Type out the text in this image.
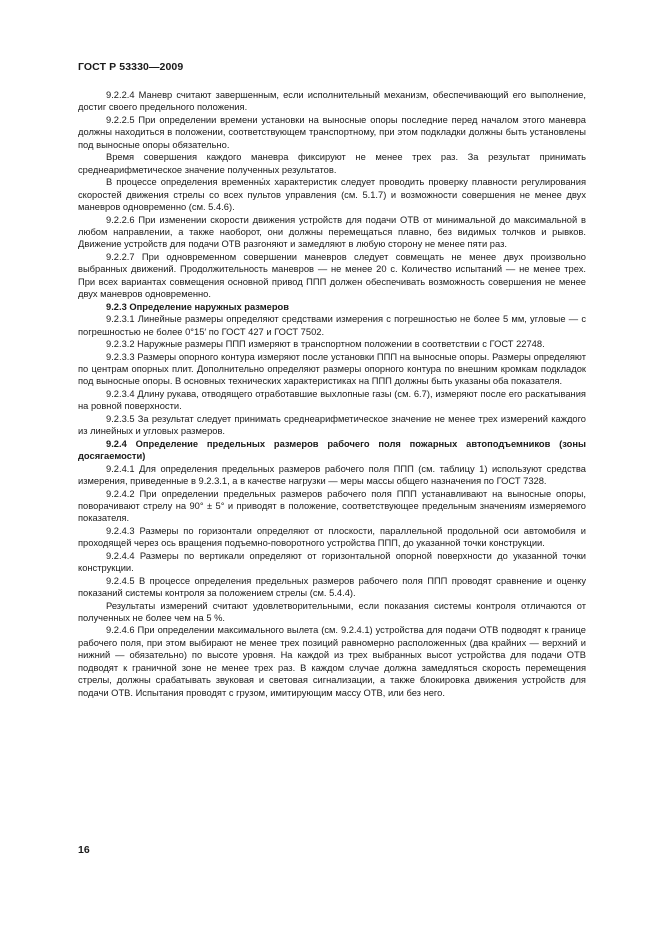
ГОСТ Р 53330—2009

9.2.2.4 Маневр считают завершенным, если исполнительный механизм, обеспечивающий его выполнение, достиг своего предельного положения.

9.2.2.5 При определении времени установки на выносные опоры последние перед началом этого маневра должны находиться в положении, соответствующем транспортному, при этом подкладки должны быть установлены под выносные опоры обязательно.

Время совершения каждого маневра фиксируют не менее трех раз. За результат принимать среднеарифметическое значение полученных результатов.

В процессе определения временны́х характеристик следует проводить проверку плавности регулирования скоростей движения стрелы со всех пультов управления (см. 5.1.7) и возможности совершения не менее двух маневров одновременно (см. 5.4.6).

9.2.2.6 При изменении скорости движения устройств для подачи ОТВ от минимальной до максимальной в любом направлении, а также наоборот, они должны перемещаться плавно, без видимых толчков и рывков. Движение устройств для подачи ОТВ разгоняют и замедляют в любую сторону не менее пяти раз.

9.2.2.7 При одновременном совершении маневров следует совмещать не менее двух произвольно выбранных движений. Продолжительность маневров — не менее 20 с. Количество испытаний — не менее трех. При всех вариантах совмещения основной привод ППП должен обеспечивать возможность совершения не менее двух маневров одновременно.

9.2.3 Определение наружных размеров

9.2.3.1 Линейные размеры определяют средствами измерения с погрешностью не более 5 мм, угловые — с погрешностью не более 0°15′ по ГОСТ 427 и ГОСТ 7502.

9.2.3.2 Наружные размеры ППП измеряют в транспортном положении в соответствии с ГОСТ 22748.

9.2.3.3 Размеры опорного контура измеряют после установки ППП на выносные опоры. Размеры определяют по центрам опорных плит. Дополнительно определяют размеры опорного контура по внешним кромкам подкладок под выносные опоры. В основных технических характеристиках на ППП должны быть указаны оба показателя.

9.2.3.4 Длину рукава, отводящего отработавшие выхлопные газы (см. 6.7), измеряют после его раскатывания на ровной поверхности.

9.2.3.5 За результат следует принимать среднеарифметическое значение не менее трех измерений каждого из линейных и угловых размеров.

9.2.4 Определение предельных размеров рабочего поля пожарных автоподъемников (зоны досягаемости)

9.2.4.1 Для определения предельных размеров рабочего поля ППП (см. таблицу 1) используют средства измерения, приведенные в 9.2.3.1, а в качестве нагрузки — меры массы общего назначения по ГОСТ 7328.

9.2.4.2 При определении предельных размеров рабочего поля ППП устанавливают на выносные опоры, поворачивают стрелу на 90° ± 5° и приводят в положение, соответствующее предельным значениям измеряемого показателя.

9.2.4.3 Размеры по горизонтали определяют от плоскости, параллельной продольной оси автомобиля и проходящей через ось вращения подъемно-поворотного устройства ППП, до указанной точки конструкции.

9.2.4.4 Размеры по вертикали определяют от горизонтальной опорной поверхности до указанной точки конструкции.

9.2.4.5 В процессе определения предельных размеров рабочего поля ППП проводят сравнение и оценку показаний системы контроля за положением стрелы (см. 5.4.4).

Результаты измерений считают удовлетворительными, если показания системы контроля отличаются от полученных не более чем на 5 %.

9.2.4.6 При определении максимального вылета (см. 9.2.4.1) устройства для подачи ОТВ подводят к границе рабочего поля, при этом выбирают не менее трех позиций равномерно расположенных (два крайних — верхний и нижний — обязательно) по высоте уровня. На каждой из трех выбранных высот устройства для подачи ОТВ подводят к граничной зоне не менее трех раз. В каждом случае должна замедляться скорость перемещения стрелы, должны срабатывать звуковая и световая сигнализации, а также блокировка движения устройств для подачи ОТВ. Испытания проводят с грузом, имитирующим массу ОТВ, или без него.

16
